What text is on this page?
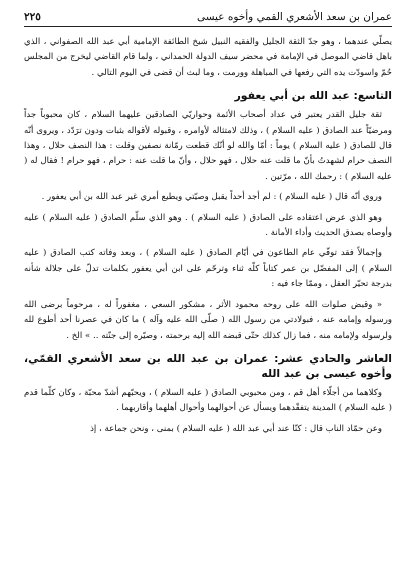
عمران بن سعد الأشعري القمي وأخوه عيسى
٢٢٥

يصلّي عندهما ، وهو جدّ الثقة الجليل والفقيه النبيل شيخ الطائفة الإمامية أبي عبد الله الصفواني ، الذي باهل قاضي الموصل في الإمامة في محضر سيف الدولة الحمداني ، ولما قام القاضي ليخرج من المجلس حُمّ واسودّت يده التي رفعها في المباهلة وورمت ، وما لبث أن قضى في اليوم التالي .

التاسع: عبد الله بن أبي يعفور

ثقة جليل القدر يعتبر في عداد أصحاب الأئمة وحواريّي الصادقين عليهما السلام ، كان محبوباً جداً ومرضيّاً عند الصادق ( عليه السلام ) ، وذلك لامتثاله لأوامره ، وقبوله لأقواله بثبات ودون ترَدّد ، ويروى أنّه قال للصادق ( عليه السلام ) يوماً : أمّا والله لو أنّك قطعت رمّانة نصفين وقلت : هذا النصف حلال ، وهذا النصف حرام لشهدتُ بأنّ ما قلت عنه حلال ، فهو حلال ، وأنّ ما قلت عنه : حرام ، فهو حرام ! فقال له ( عليه السلام ) : رحمك الله ، مرّتين .

وروي أنّه قال ( عليه السلام ) : لم أجد أحداً يقبل وصيّتي ويطيع أمري غير عبد الله بن أبي يعفور .

وهو الذي عرض اعتقاده على الصادق ( عليه السلام ) . وهو الذي سلّم الصادق ( عليه السلام ) عليه وأوصاه بصدق الحديث وأداء الأمانة .

وإجمالاً فقد توفّي عام الطاعون في أيّام الصادق ( عليه السلام ) ، وبعد وفاته كتب الصادق ( عليه السلام ) إلى المفضّل بن عمر كتاباً كلّه ثناء وترحّم على ابن أبي يعفور بكلمات تدلّ على جلالة شأنه بدرجة تحيّر العقل ، وممّا جاء فيه :

« وقبض صلوات الله على روحه محمود الأثر ، مشكور السعي ، مغفوراً له ، مرحوماً برضى الله ورسوله وإمامه عنه ، فبولادتي من رسول الله ( صلّى الله عليه وآله ) ما كان في عصرنا أحد أطوع لله ولرسوله ولإمامه منه ، فما زال كذلك حتّى قبضه الله إليه برحمته ، وصيّره إلى جنّته .. » الخ .

العاشر والحادي عشر: عمران بن عبد الله بن سعد الأشعري القمّي، وأخوه عيسى بن عبد الله

وكلاهما من أجلّاء أهل قم ، ومن محبوبي الصادق ( عليه السلام ) ، ويحبّهم أشدّ محبّة ، وكان كلّما قدم ( عليه السلام ) المدينة يتفقّدهما ويسأل عن أحوالهما وأحوال أهلهما وأقاربهما .

وعن حمّاد الناب قال : كنّا عند أبي عبد الله ( عليه السلام ) بمنى ، ونحن جماعة ، إذ
